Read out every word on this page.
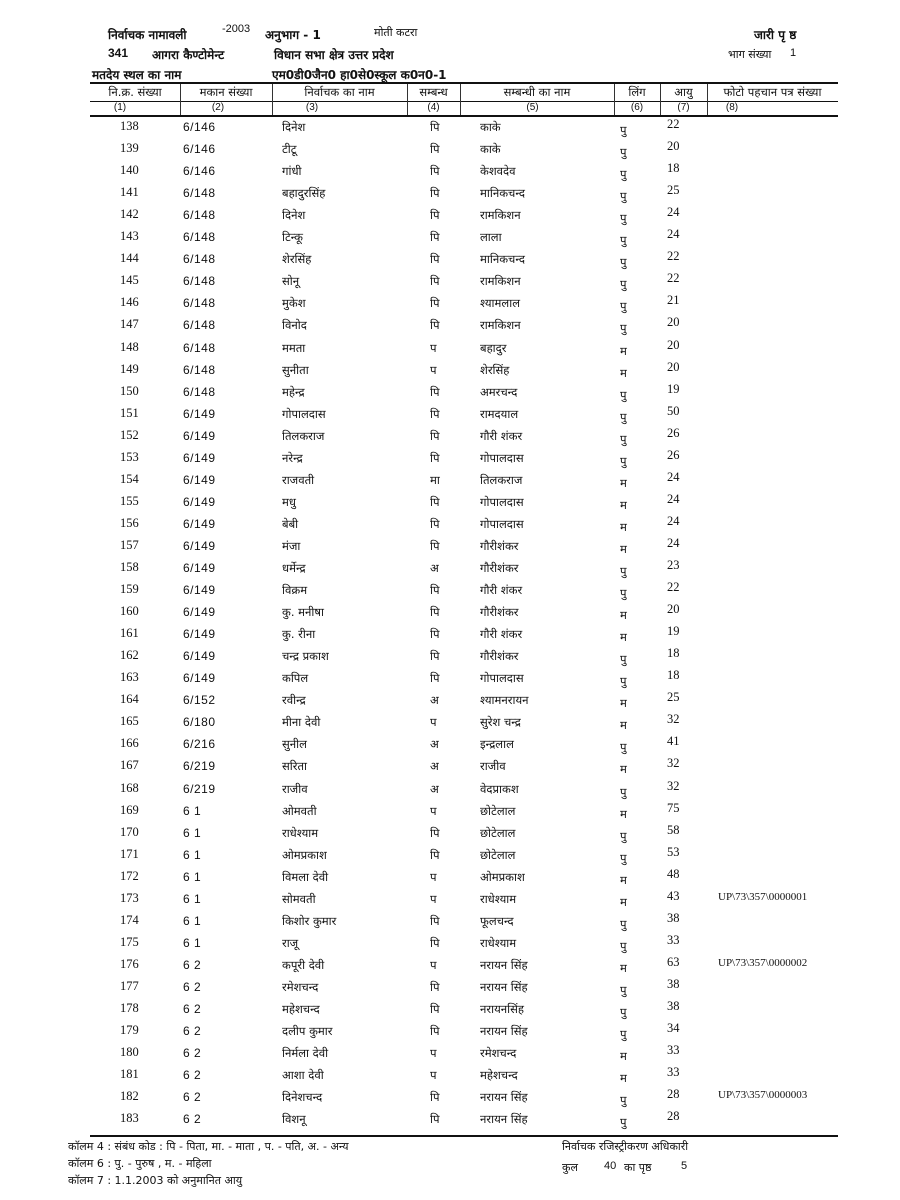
निर्वाचक नामावली	-2003 अनुभाग - 1	मोती कटरा	जारी पृ ष्ठ
341 आगरा कैण्टोमेन्ट	विधान सभा क्षेत्र उत्तर प्रदेश	भाग संख्या 1
मतदेय स्थल का नाम	एम0डी0जैन0 हा0से0स्कूल क0न0-1
नि.क्र. संख्या	मकान संख्या	निर्वाचक का नाम	सम्बन्ध	सम्बन्धी का नाम	लिंग	आयु	फोटो पहचान पत्र संख्या
(1)	(2)	(3)	(4)	(5)	(6)	(7)	(8)
138	6/146	दिनेश	पि	काके	पु	22
139	6/146	टीटू	पि	काके	पु	20
140	6/146	गांधी	पि	केशवदेव	पु	18
141	6/148	बहादुरसिंह	पि	मानिकचन्द	पु	25
142	6/148	दिनेश	पि	रामकिशन	पु	24
143	6/148	टिन्कू	पि	लाला	पु	24
144	6/148	शेरसिंह	पि	मानिकचन्द	पु	22
145	6/148	सोनू	पि	रामकिशन	पु	22
146	6/148	मुकेश	पि	श्यामलाल	पु	21
147	6/148	विनोद	पि	रामकिशन	पु	20
148	6/148	ममता	प	बहादुर	म	20
149	6/148	सुनीता	प	शेरसिंह	म	20
150	6/148	महेन्द्र	पि	अमरचन्द	पु	19
151	6/149	गोपालदास	पि	रामदयाल	पु	50
152	6/149	तिलकराज	पि	गौरी शंकर	पु	26
153	6/149	नरेन्द्र	पि	गोपालदास	पु	26
154	6/149	राजवती	मा	तिलकराज	म	24
155	6/149	मधु	पि	गोपालदास	म	24
156	6/149	बेबी	पि	गोपालदास	म	24
157	6/149	मंजा	पि	गौरीशंकर	म	24
158	6/149	धर्मेन्द्र	अ	गौरीशंकर	पु	23
159	6/149	विक्रम	पि	गौरी शंकर	पु	22
160	6/149	कु. मनीषा	पि	गौरीशंकर	म	20
161	6/149	कु. रीना	पि	गौरी शंकर	म	19
162	6/149	चन्द्र प्रकाश	पि	गौरीशंकर	पु	18
163	6/149	कपिल	पि	गोपालदास	पु	18
164	6/152	रवीन्द्र	अ	श्यामनरायन	म	25
165	6/180	मीना देवी	प	सुरेश चन्द्र	म	32
166	6/216	सुनील	अ	इन्द्रलाल	पु	41
167	6/219	सरिता	अ	राजीव	म	32
168	6/219	राजीव	अ	वेदप्राकश	पु	32
169	6 1	ओमवती	प	छोटेलाल	म	75
170	6 1	राधेश्याम	पि	छोटेलाल	पु	58
171	6 1	ओमप्रकाश	पि	छोटेलाल	पु	53
172	6 1	विमला देवी	प	ओमप्रकाश	म	48
173	6 1	सोमवती	प	राधेश्याम	म	43	UP\73\357\0000001
174	6 1	किशोर कुमार	पि	फूलचन्द	पु	38
175	6 1	राजू	पि	राधेश्याम	पु	33
176	6 2	कपूरी देवी	प	नरायन सिंह	म	63	UP\73\357\0000002
177	6 2	रमेशचन्द	पि	नरायन सिंह	पु	38
178	6 2	महेशचन्द	पि	नरायनसिंह	पु	38
179	6 2	दलीप कुमार	पि	नरायन सिंह	पु	34
180	6 2	निर्मला देवी	प	रमेशचन्द	म	33
181	6 2	आशा देवी	प	महेशचन्द	म	33
182	6 2	दिनेशचन्द	पि	नरायन सिंह	पु	28	UP\73\357\0000003
183	6 2	विशनू	पि	नरायन सिंह	पु	28
कॉलम 4 : संबंध कोड : पि - पिता, मा. - माता , प. - पति, अ. - अन्य
कॉलम 6 : पु. - पुरुष , म. - महिला
कॉलम 7 : 1.1.2003 को अनुमानित आयु
निर्वाचक रजिस्ट्रीकरण अधिकारी
कुल 40 का पृष्ठ	5
